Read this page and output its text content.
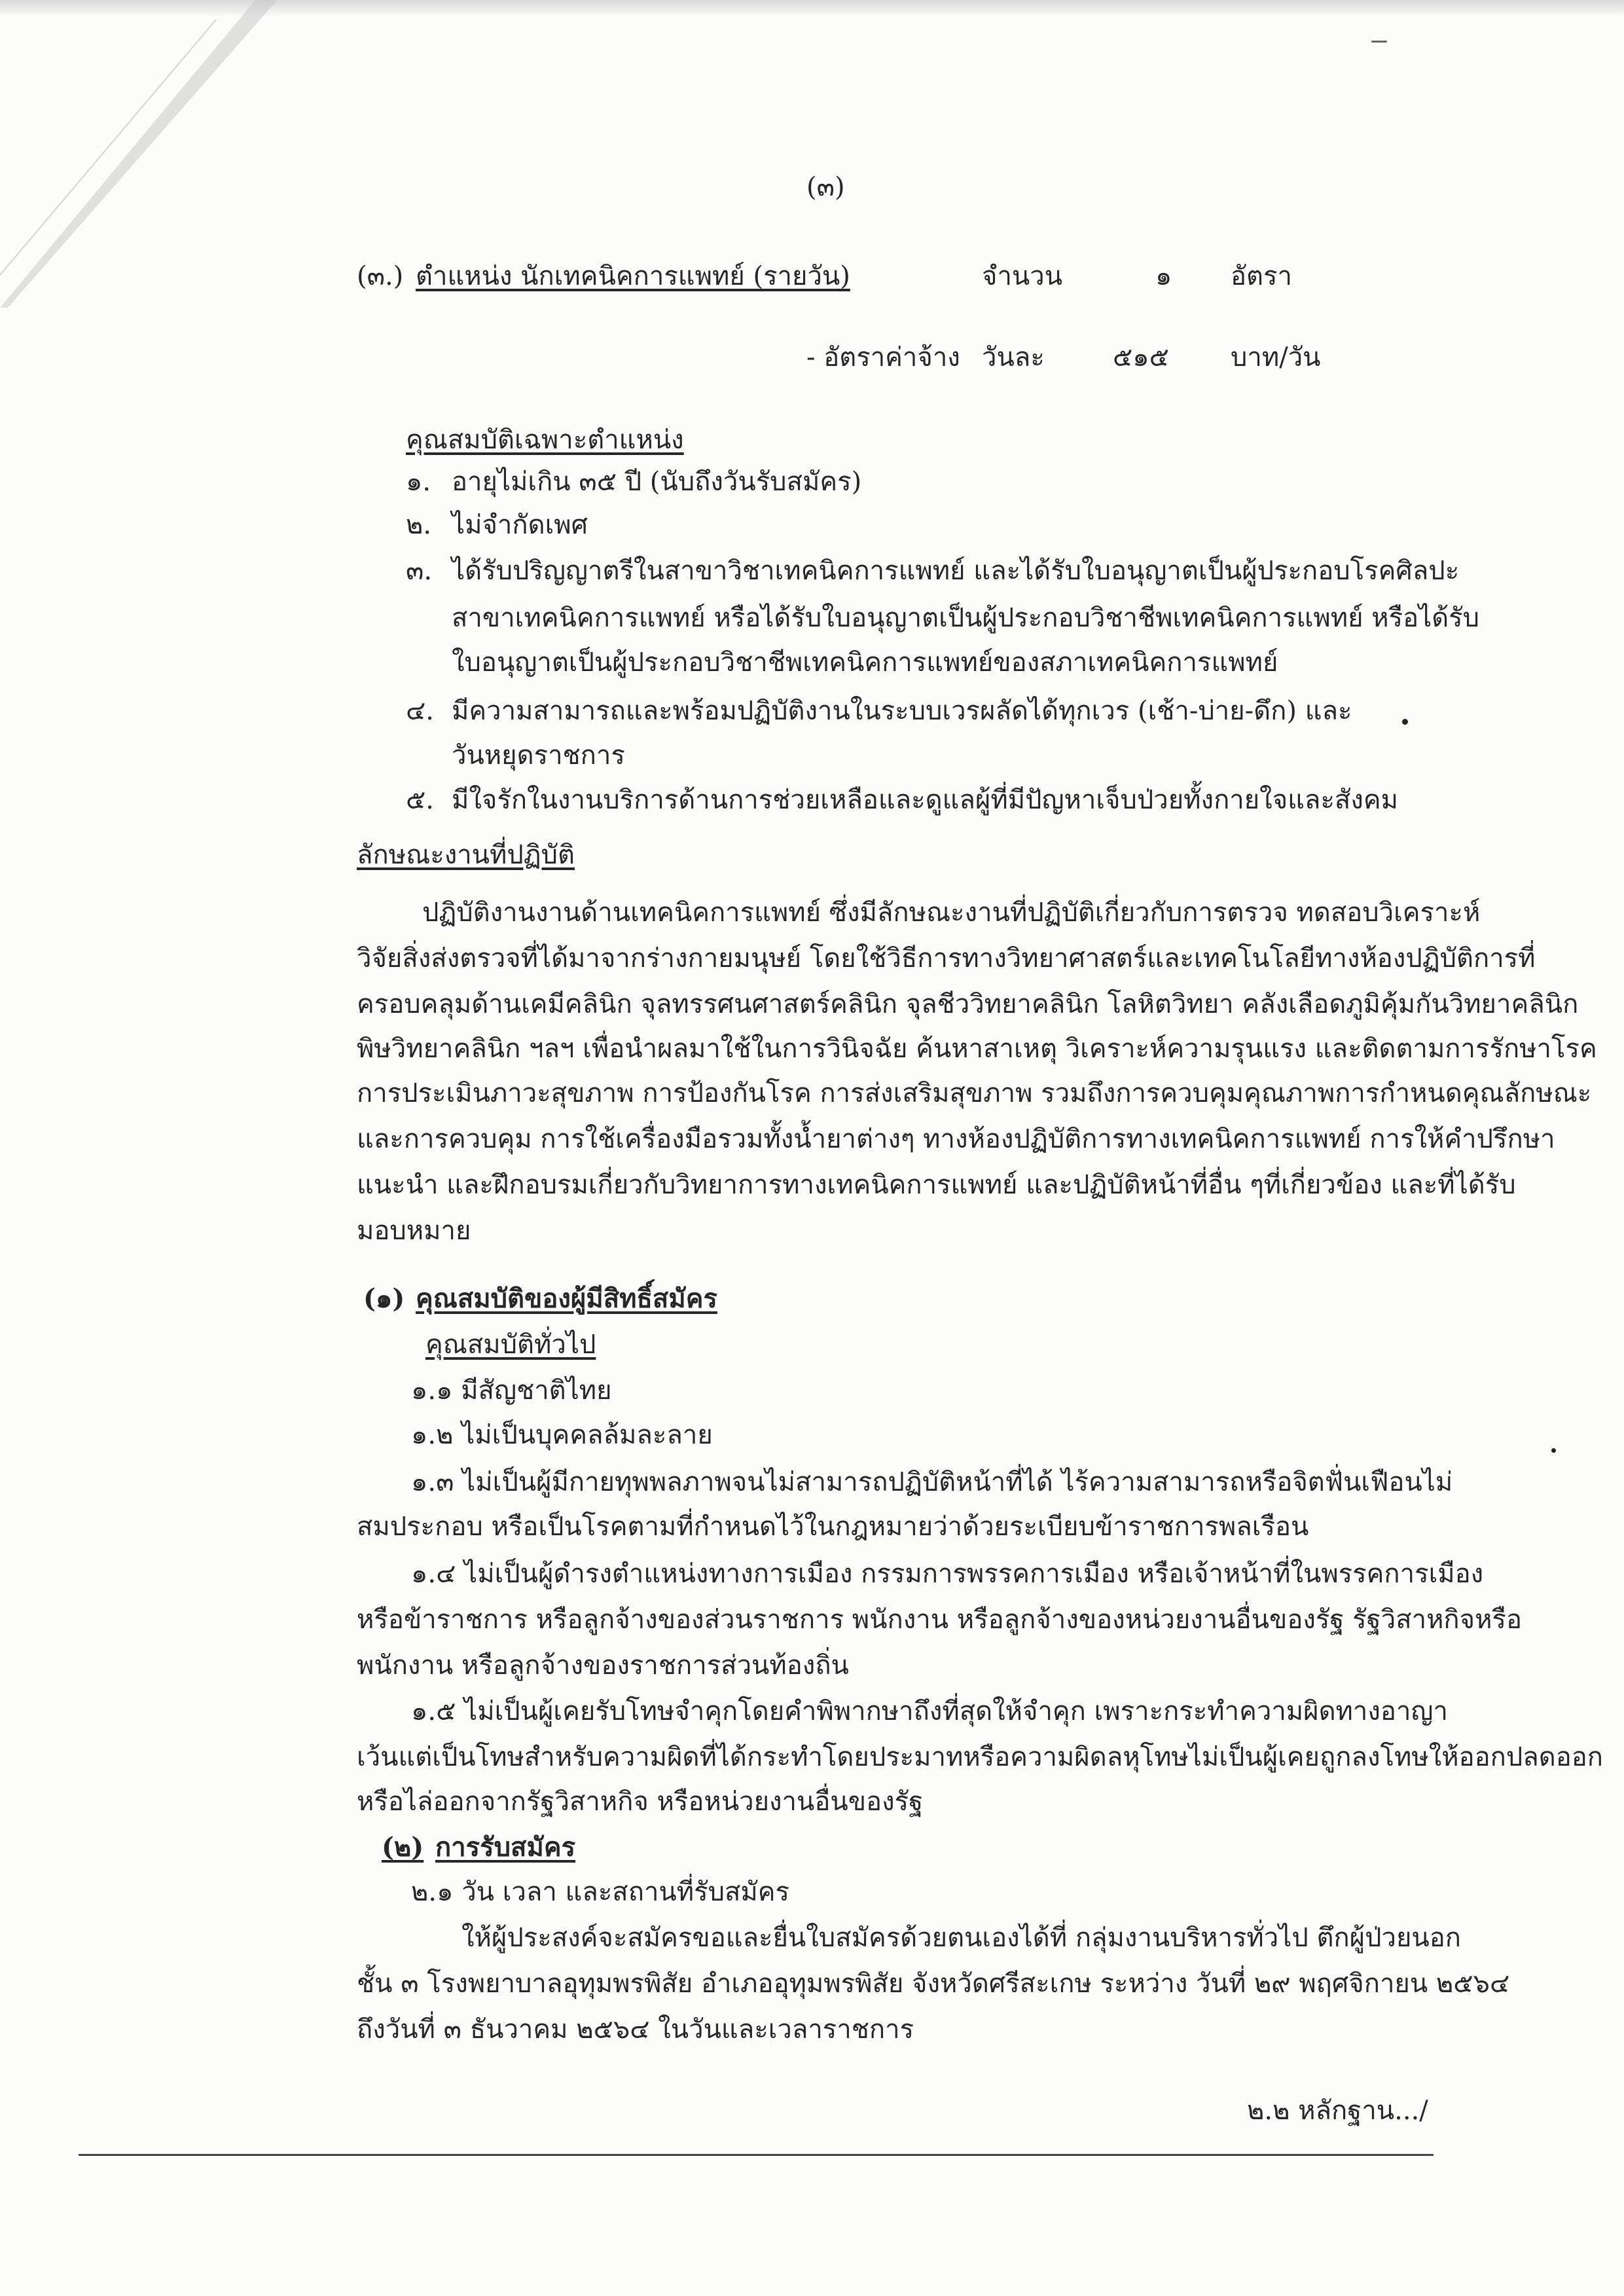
(๓)
(๓.) ตำแหน่ง นักเทคนิคการแพทย์ (รายวัน)	จำนวน	๑ อัตรา
- อัตราค่าจ้าง วันละ	๕๑๕ บาท/วัน
คุณสมบัติเฉพาะตำแหน่ง
๑. อายุไม่เกิน ๓๕ ปี (นับถึงวันรับสมัคร)
๒. ไม่จำกัดเพศ
๓. ได้รับปริญญาตรีในสาขาวิชาเทคนิคการแพทย์ และได้รับใบอนุญาตเป็นผู้ประกอบโรคศิลปะ
สาขาเทคนิคการแพทย์ หรือได้รับใบอนุญาตเป็นผู้ประกอบวิชาชีพเทคนิคการแพทย์ หรือได้รับ
ใบอนุญาตเป็นผู้ประกอบวิชาชีพเทคนิคการแพทย์ของสภาเทคนิคการแพทย์
๔. มีความสามารถและพร้อมปฏิบัติงานในระบบเวรผลัดได้ทุกเวร (เช้า-บ่าย-ดึก) และ
วันหยุดราชการ
๕. มีใจรักในงานบริการด้านการช่วยเหลือและดูแลผู้ที่มีปัญหาเจ็บป่วยทั้งกายใจและสังคม
ลักษณะงานที่ปฏิบัติ
ปฏิบัติงานงานด้านเทคนิคการแพทย์ ซึ่งมีลักษณะงานที่ปฏิบัติเกี่ยวกับการตรวจ ทดสอบวิเคราะห์
วิจัยสิ่งส่งตรวจที่ได้มาจากร่างกายมนุษย์ โดยใช้วิธีการทางวิทยาศาสตร์และเทคโนโลยีทางห้องปฏิบัติการที่
ครอบคลุมด้านเคมีคลินิก จุลทรรศนศาสตร์คลินิก จุลชีววิทยาคลินิก โลหิตวิทยา คลังเลือดภูมิคุ้มกันวิทยาคลินิก
พิษวิทยาคลินิก ฯลฯ เพื่อนำผลมาใช้ในการวินิจฉัย ค้นหาสาเหตุ วิเคราะห์ความรุนแรง และติดตามการรักษาโรค
การประเมินภาวะสุขภาพ การป้องกันโรค การส่งเสริมสุขภาพ รวมถึงการควบคุมคุณภาพการกำหนดคุณลักษณะ
และการควบคุม การใช้เครื่องมือรวมทั้งน้ำยาต่างๆ ทางห้องปฏิบัติการทางเทคนิคการแพทย์ การให้คำปรึกษา
แนะนำ และฝึกอบรมเกี่ยวกับวิทยาการทางเทคนิคการแพทย์ และปฏิบัติหน้าที่อื่น ๆที่เกี่ยวข้อง และที่ได้รับ
มอบหมาย
(๑) คุณสมบัติของผู้มีสิทธิ์สมัคร
คุณสมบัติทั่วไป
๑.๑ มีสัญชาติไทย
๑.๒ ไม่เป็นบุคคลล้มละลาย
๑.๓ ไม่เป็นผู้มีกายทุพพลภาพจนไม่สามารถปฏิบัติหน้าที่ได้ ไร้ความสามารถหรือจิตฟั่นเฟือนไม่
สมประกอบ หรือเป็นโรคตามที่กำหนดไว้ในกฎหมายว่าด้วยระเบียบข้าราชการพลเรือน
๑.๔ ไม่เป็นผู้ดำรงตำแหน่งทางการเมือง กรรมการพรรคการเมือง หรือเจ้าหน้าที่ในพรรคการเมือง
หรือข้าราชการ หรือลูกจ้างของส่วนราชการ พนักงาน หรือลูกจ้างของหน่วยงานอื่นของรัฐ รัฐวิสาหกิจหรือ
พนักงาน หรือลูกจ้างของราชการส่วนท้องถิ่น
๑.๕ ไม่เป็นผู้เคยรับโทษจำคุกโดยคำพิพากษาถึงที่สุดให้จำคุก เพราะกระทำความผิดทางอาญา
เว้นแต่เป็นโทษสำหรับความผิดที่ได้กระทำโดยประมาทหรือความผิดลหุโทษไม่เป็นผู้เคยถูกลงโทษให้ออกปลดออก
หรือไล่ออกจากรัฐวิสาหกิจ หรือหน่วยงานอื่นของรัฐ
(๒) การรับสมัคร
๒.๑ วัน เวลา และสถานที่รับสมัคร
ให้ผู้ประสงค์จะสมัครขอและยื่นใบสมัครด้วยตนเองได้ที่ กลุ่มงานบริหารทั่วไป ตึกผู้ป่วยนอก
ชั้น ๓ โรงพยาบาลอุทุมพรพิสัย อำเภออุทุมพรพิสัย จังหวัดศรีสะเกษ ระหว่าง วันที่ ๒๙ พฤศจิกายน ๒๕๖๔
ถึงวันที่ ๓ ธันวาคม ๒๕๖๔ ในวันและเวลาราชการ
๒.๒ หลักฐาน.../
